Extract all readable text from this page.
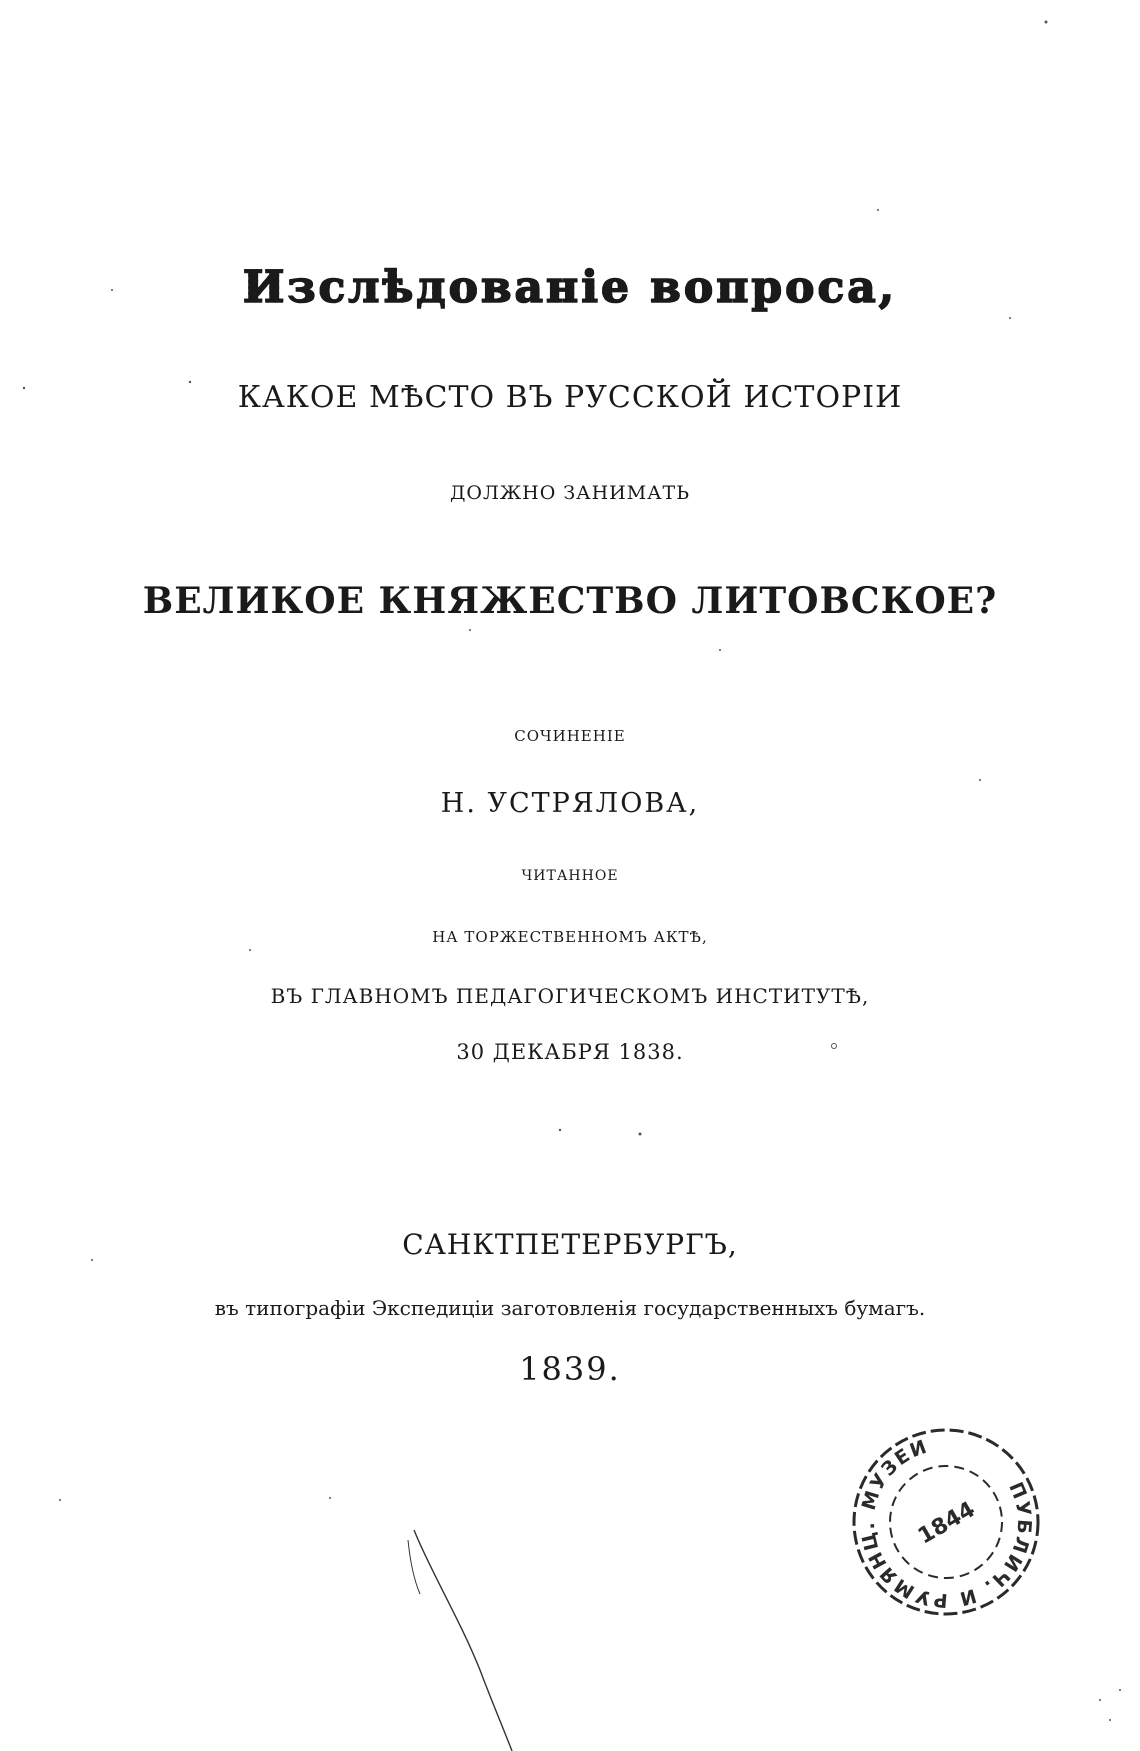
Изслѣдованіе вопроса,
КАКОЕ МѢСТО ВЪ РУССКОЙ ИСТОРІИ
ДОЛЖНО ЗАНИМАТЬ
ВЕЛИКОЕ КНЯЖЕСТВО ЛИТОВСКОЕ?
СОЧИНЕНІЕ
Н. УСТРЯЛОВА,
ЧИТАННОЕ
НА ТОРЖЕСТВЕННОМЪ АКТѢ,
ВЪ ГЛАВНОМЪ ПЕДАГОГИЧЕСКОМЪ ИНСТИТУТѢ,
30 ДЕКАБРЯ 1838.
САНКТПЕТЕРБУРГЪ,
въ типографіи Экспедиціи заготовленія государственныхъ бумагъ.
1839.
ПУБЛИЧ. И РУМЯНЦ. МУЗЕИ
1844
